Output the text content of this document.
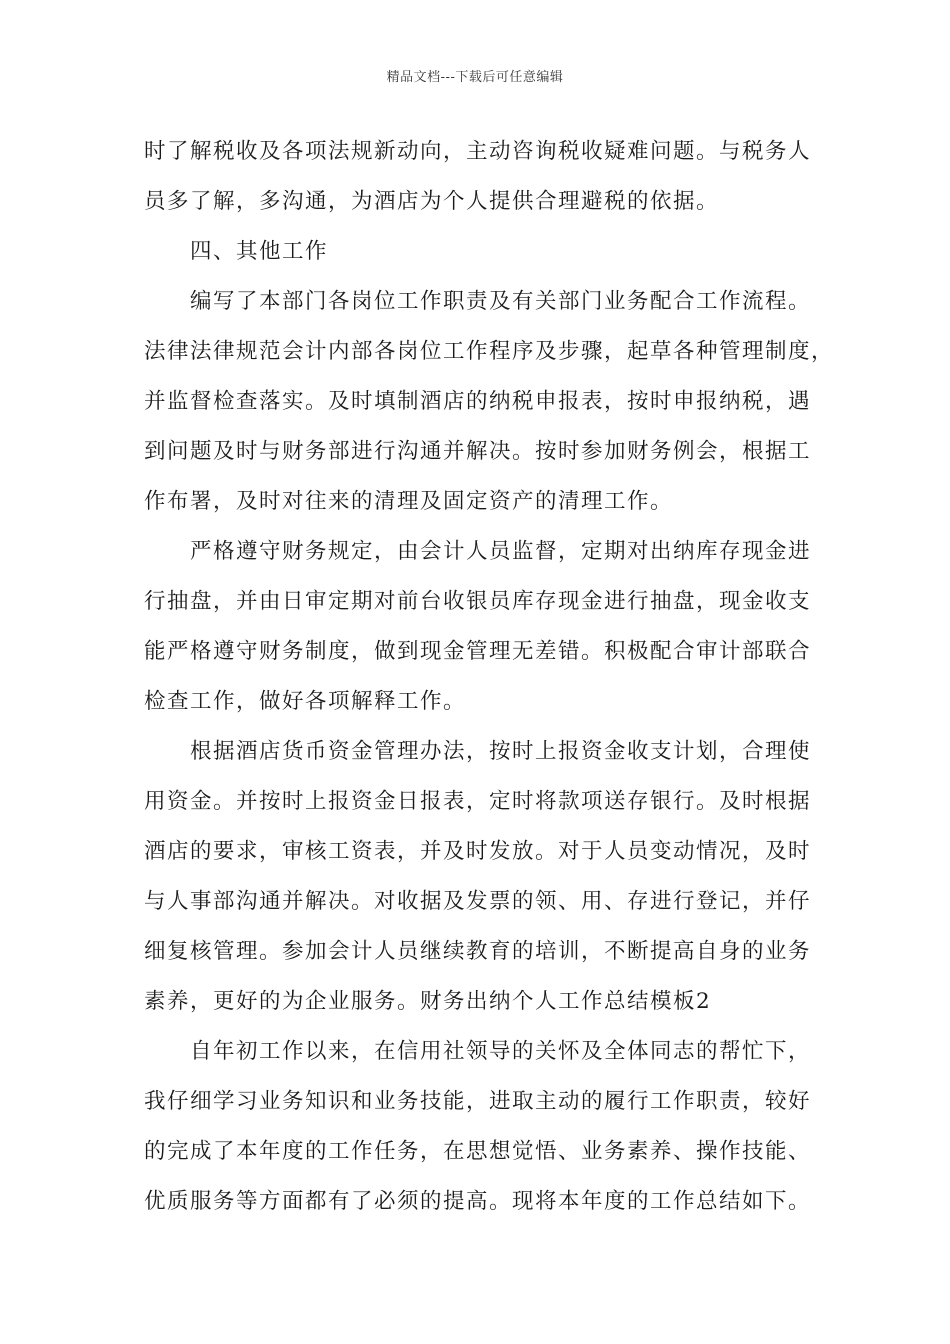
精品文档---下载后可任意编辑
时了解税收及各项法规新动向，主动咨询税收疑难问题。与税务人
员多了解，多沟通，为酒店为个人提供合理避税的依据。
四、其他工作
编写了本部门各岗位工作职责及有关部门业务配合工作流程。
法律法律规范会计内部各岗位工作程序及步骤，起草各种管理制度，
并监督检查落实。及时填制酒店的纳税申报表，按时申报纳税，遇
到问题及时与财务部进行沟通并解决。按时参加财务例会，根据工
作布署，及时对往来的清理及固定资产的清理工作。
严格遵守财务规定，由会计人员监督，定期对出纳库存现金进
行抽盘，并由日审定期对前台收银员库存现金进行抽盘，现金收支
能严格遵守财务制度，做到现金管理无差错。积极配合审计部联合
检查工作，做好各项解释工作。
根据酒店货币资金管理办法，按时上报资金收支计划，合理使
用资金。并按时上报资金日报表，定时将款项送存银行。及时根据
酒店的要求，审核工资表，并及时发放。对于人员变动情况，及时
与人事部沟通并解决。对收据及发票的领、用、存进行登记，并仔
细复核管理。参加会计人员继续教育的培训，不断提高自身的业务
素养，更好的为企业服务。财务出纳个人工作总结模板2
自年初工作以来，在信用社领导的关怀及全体同志的帮忙下，
我仔细学习业务知识和业务技能，进取主动的履行工作职责，较好
的完成了本年度的工作任务，在思想觉悟、业务素养、操作技能、
优质服务等方面都有了必须的提高。现将本年度的工作总结如下。
